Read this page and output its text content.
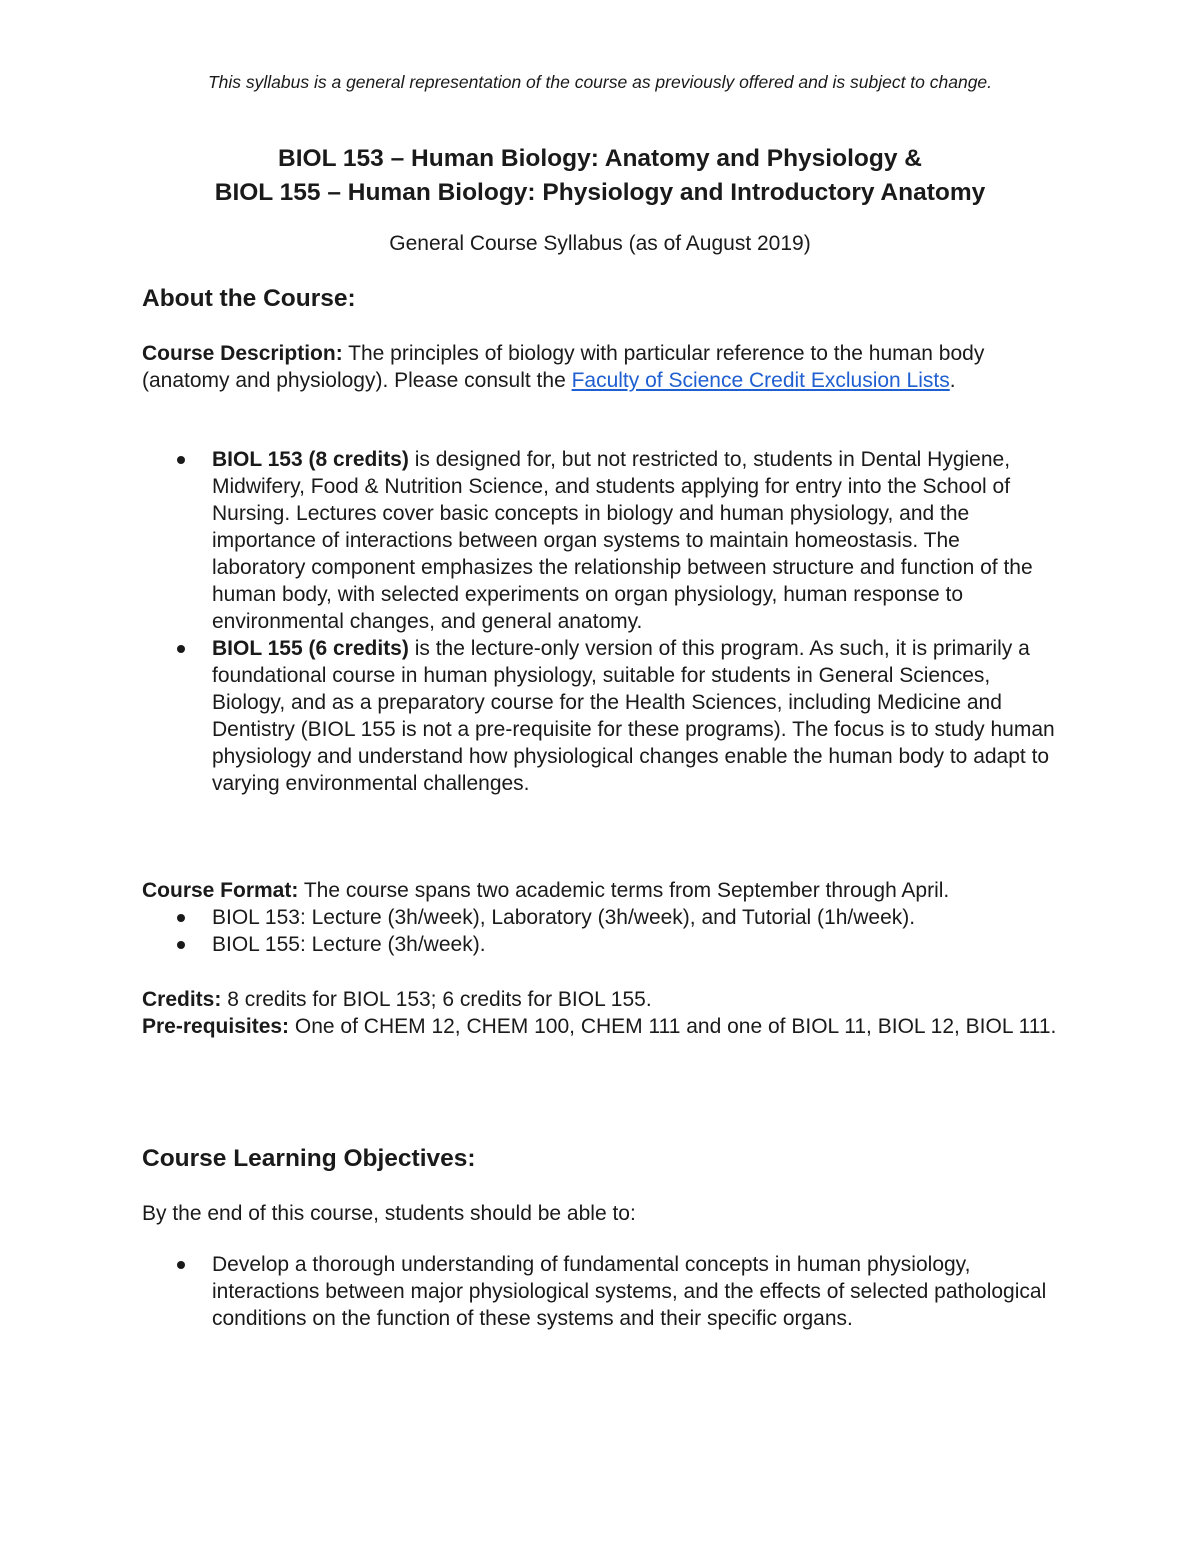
This syllabus is a general representation of the course as previously offered and is subject to change.
BIOL 153 – Human Biology: Anatomy and Physiology &
BIOL 155 – Human Biology: Physiology and Introductory Anatomy
General Course Syllabus (as of August 2019)
About the Course:
Course Description: The principles of biology with particular reference to the human body (anatomy and physiology). Please consult the Faculty of Science Credit Exclusion Lists.
BIOL 153 (8 credits) is designed for, but not restricted to, students in Dental Hygiene, Midwifery, Food & Nutrition Science, and students applying for entry into the School of Nursing. Lectures cover basic concepts in biology and human physiology, and the importance of interactions between organ systems to maintain homeostasis. The laboratory component emphasizes the relationship between structure and function of the human body, with selected experiments on organ physiology, human response to environmental changes, and general anatomy.
BIOL 155 (6 credits) is the lecture-only version of this program. As such, it is primarily a foundational course in human physiology, suitable for students in General Sciences, Biology, and as a preparatory course for the Health Sciences, including Medicine and Dentistry (BIOL 155 is not a pre-requisite for these programs). The focus is to study human physiology and understand how physiological changes enable the human body to adapt to varying environmental challenges.
Course Format: The course spans two academic terms from September through April.
BIOL 153: Lecture (3h/week), Laboratory (3h/week), and Tutorial (1h/week).
BIOL 155: Lecture (3h/week).
Credits: 8 credits for BIOL 153; 6 credits for BIOL 155.
Pre-requisites: One of CHEM 12, CHEM 100, CHEM 111 and one of BIOL 11, BIOL 12, BIOL 111.
Course Learning Objectives:
By the end of this course, students should be able to:
Develop a thorough understanding of fundamental concepts in human physiology, interactions between major physiological systems, and the effects of selected pathological conditions on the function of these systems and their specific organs.
